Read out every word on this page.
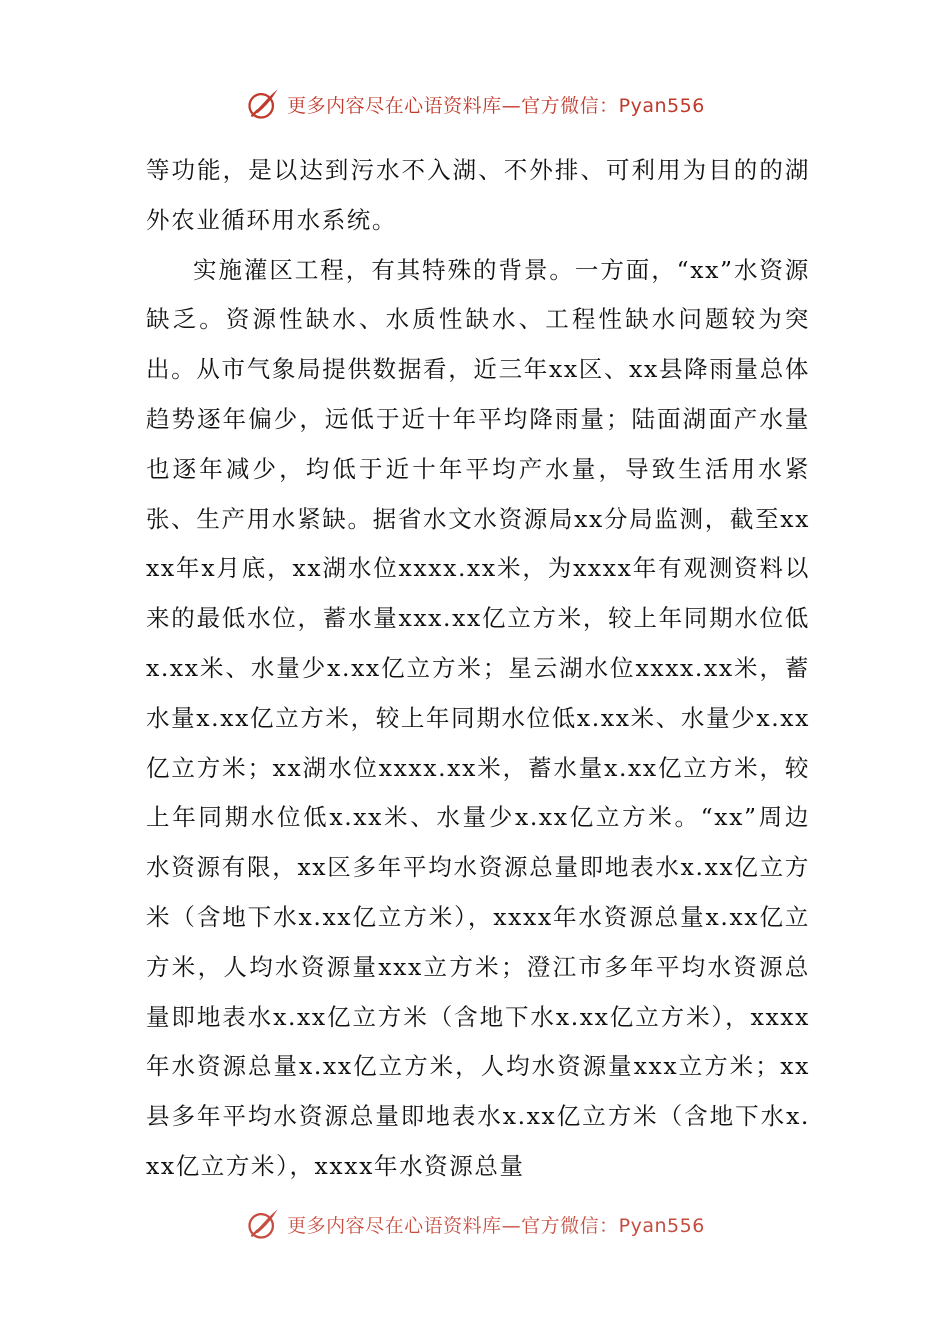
更多内容尽在心语资料库—官方微信：Pyan556

等功能，是以达到污水不入湖、不外排、可利用为目的的湖外农业循环用水系统。

实施灌区工程，有其特殊的背景。一方面，“xx”水资源缺乏。资源性缺水、水质性缺水、工程性缺水问题较为突出。从市气象局提供数据看，近三年xx区、xx县降雨量总体趋势逐年偏少，远低于近十年平均降雨量；陆面湖面产水量也逐年减少，均低于近十年平均产水量，导致生活用水紧张、生产用水紧缺。据省水文水资源局xx分局监测，截至xxxx年x月底，xx湖水位xxxx.xx米，为xxxx年有观测资料以来的最低水位，蓄水量xxx.xx亿立方米，较上年同期水位低x.xx米、水量少x.xx亿立方米；星云湖水位xxxx.xx米，蓄水量x.xx亿立方米，较上年同期水位低x.xx米、水量少x.xx亿立方米；xx湖水位xxxx.xx米，蓄水量x.xx亿立方米，较上年同期水位低x.xx米、水量少x.xx亿立方米。“xx”周边水资源有限，xx区多年平均水资源总量即地表水x.xx亿立方米（含地下水x.xx亿立方米），xxxx年水资源总量x.xx亿立方米，人均水资源量xxx立方米；澄江市多年平均水资源总量即地表水x.xx亿立方米（含地下水x.xx亿立方米），xxxx年水资源总量x.xx亿立方米，人均水资源量xxx立方米；xx县多年平均水资源总量即地表水x.xx亿立方米（含地下水x.xx亿立方米），xxxx年水资源总量

更多内容尽在心语资料库—官方微信：Pyan556
